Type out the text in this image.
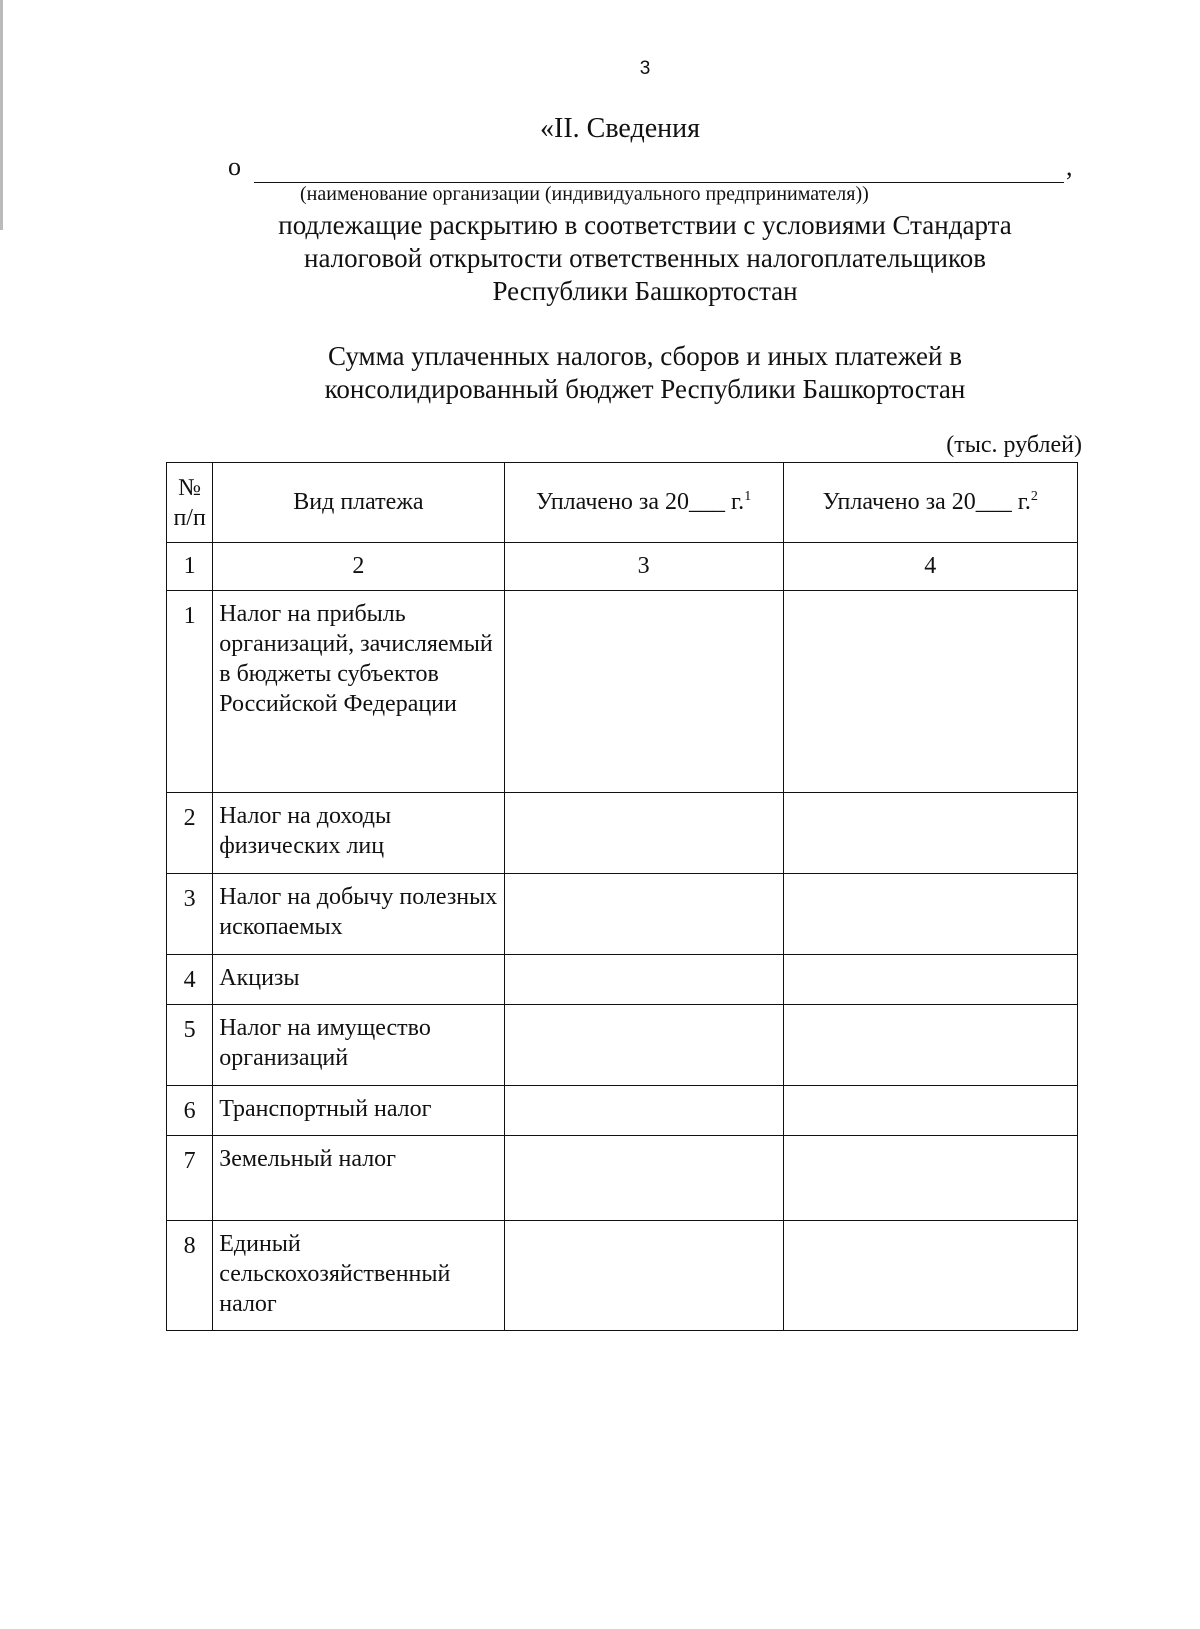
3
«II. Сведения
о	,
(наименование организации (индивидуального предпринимателя))
подлежащие раскрытию в соответствии с условиями Стандарта
налоговой открытости ответственных налогоплательщиков
Республики Башкортостан
Сумма уплаченных налогов, сборов и иных платежей в
консолидированный бюджет Республики Башкортостан
(тыс. рублей)
№
п/п	Вид платежа	Уплачено за 20___ г.$^1$	Уплачено за 20___ г.$^2$
1	2	3	4
1	Налог на прибыль организаций, зачисляемый в бюджеты субъектов Российской Федерации		
2	Налог на доходы физических лиц		
3	Налог на добычу полезных ископаемых		
4	Акцизы		
5	Налог на имущество организаций		
6	Транспортный налог		
7	Земельный налог		
8	Единый сельскохозяйственный налог		
